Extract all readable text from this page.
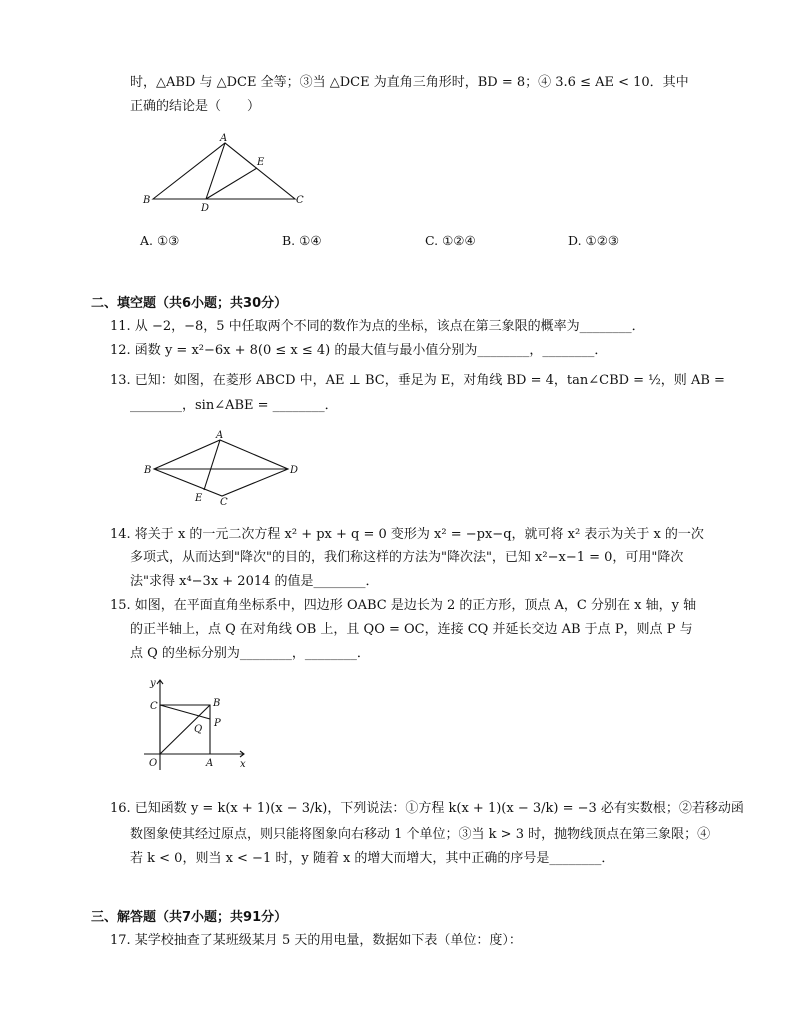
时，△ABD 与 △DCE 全等；③当 △DCE 为直角三角形时，BD = 8；④ 3.6 ≤ AE < 10．其中
正确的结论是（　　）
A
B	C
D
E
A. ①③	B. ①④	C. ①②④	D. ①②③
二、填空题（共6小题；共30分）
11. 从 −2，−8，5 中任取两个不同的数作为点的坐标，该点在第三象限的概率为________．
12. 函数 y = x²−6x + 8(0 ≤ x ≤ 4) 的最大值与最小值分别为________，________．
13. 已知：如图，在菱形 ABCD 中，AE ⊥ BC，垂足为 E，对角线 BD = 4，tan∠CBD = ½，则 AB =
________，sin∠ABE = ________．
A
B
C
D
E
14. 将关于 x 的一元二次方程 x² + px + q = 0 变形为 x² = −px−q，就可将 x² 表示为关于 x 的一次
多项式，从而达到"降次"的目的，我们称这样的方法为"降次法"，已知 x²−x−1 = 0，可用"降次
法"求得 x⁴−3x + 2014 的值是________．
15. 如图，在平面直角坐标系中，四边形 OABC 是边长为 2 的正方形，顶点 A，C 分别在 x 轴，y 轴
的正半轴上，点 Q 在对角线 OB 上，且 QO = OC，连接 CQ 并延长交边 AB 于点 P，则点 P 与
点 Q 的坐标分别为________，________．
y
x
O	A
B
C
P
Q
16. 已知函数 y = k(x + 1)(x − 3/k)，下列说法：①方程 k(x + 1)(x − 3/k) = −3 必有实数根；②若移动函
数图象使其经过原点，则只能将图象向右移动 1 个单位；③当 k > 3 时，抛物线顶点在第三象限；④
若 k < 0，则当 x < −1 时，y 随着 x 的增大而增大，其中正确的序号是________．
三、解答题（共7小题；共91分）
17. 某学校抽查了某班级某月 5 天的用电量，数据如下表（单位：度）：
